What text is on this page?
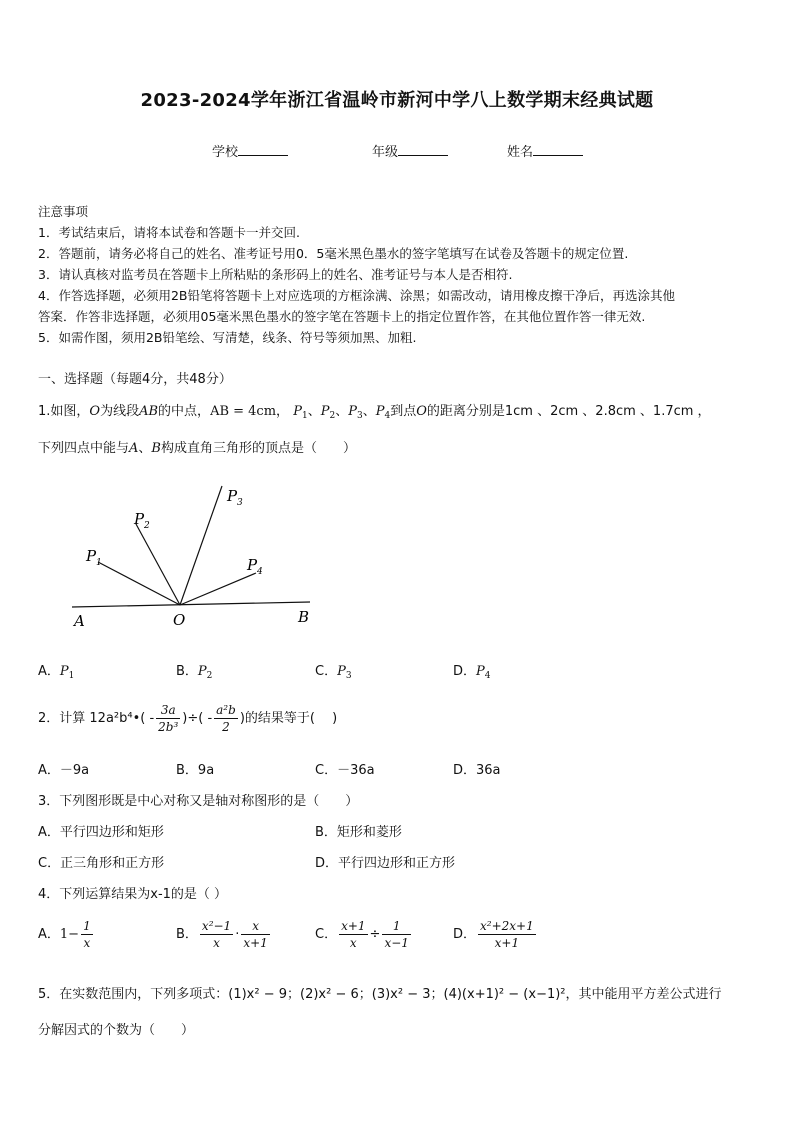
2023-2024学年浙江省温岭市新河中学八上数学期末经典试题
学校	年级	姓名
注意事项
1．考试结束后，请将本试卷和答题卡一并交回.
2．答题前，请务必将自己的姓名、准考证号用0．5毫米黑色墨水的签字笔填写在试卷及答题卡的规定位置.
3．请认真核对监考员在答题卡上所粘贴的条形码上的姓名、准考证号与本人是否相符.
4．作答选择题，必须用2B铅笔将答题卡上对应选项的方框涂满、涂黑；如需改动，请用橡皮擦干净后，再选涂其他
答案．作答非选择题，必须用05毫米黑色墨水的签字笔在答题卡上的指定位置作答，在其他位置作答一律无效.
5．如需作图，须用2B铅笔绘、写清楚，线条、符号等须加黑、加粗.
一、选择题（每题4分，共48分）
1.如图，O为线段AB的中点，AB = 4cm， $P_1$、$P_2$、$P_3$、$P_4$到点O的距离分别是1cm 、2cm 、2.8cm 、1.7cm ，
下列四点中能与A、B构成直角三角形的顶点是（　　）
A	O	B
P 1
P 2
P 3
P 4
A．$P_1$	B．$P_2$	C．$P_3$	D．$P_4$
2．计算 12a²b⁴•( - $\frac{3a}{\text{2b³}}$ )÷( - $\frac{\text{a²b}}{2}$ )的结果等于(　 )
A．－9a	B．9a	C．－36a	D．36a
3．下列图形既是中心对称又是轴对称图形的是（　　）
A．平行四边形和矩形	B．矩形和菱形
C．正三角形和正方形	D．平行四边形和正方形
4．下列运算结果为x-1的是（ ）
A．$1- \frac{1}{x}$	B． $\frac{\text{x²−1}}{x} \cdot \frac{x}{x+1}$	C． $\frac{x+1}{x} \div \frac{1}{x-1}$	D． $\frac{\text{x²+2x+1}}{x+1}$
5．在实数范围内，下列多项式：(1)x² − 9；(2)x² − 6；(3)x² − 3；(4)(x+1)² − (x−1)²，其中能用平方差公式进行
分解因式的个数为（　　）
